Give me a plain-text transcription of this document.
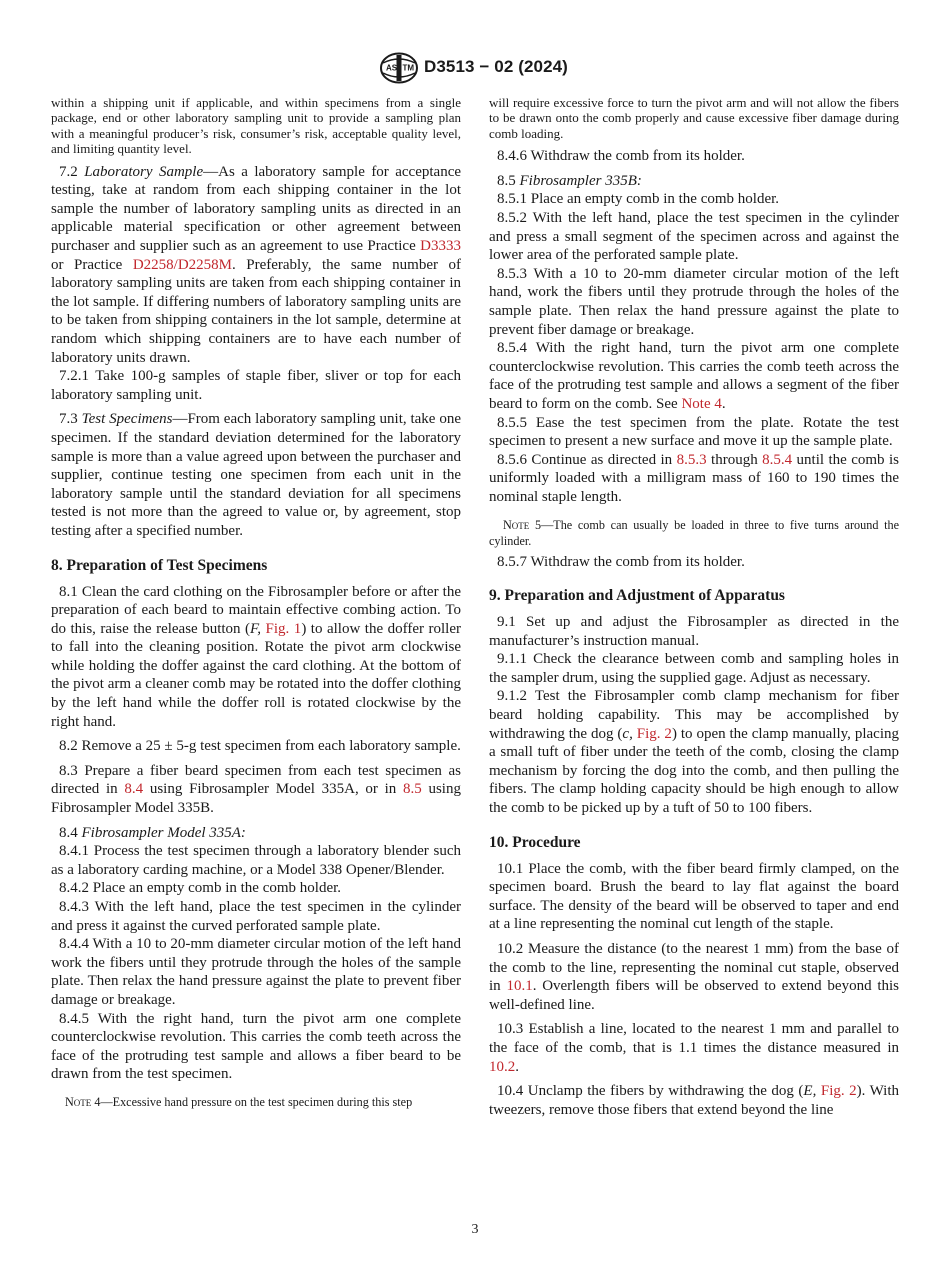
AS TM D3513 − 02 (2024)

within a shipping unit if applicable, and within specimens from a single package, end or other laboratory sampling unit to provide a sampling plan with a meaningful producer’s risk, consumer’s risk, acceptable quality level, and limiting quantity level.

7.2 Laboratory Sample—As a laboratory sample for acceptance testing, take at random from each shipping container in the lot sample the number of laboratory sampling units as directed in an applicable material specification or other agreement between purchaser and supplier such as an agreement to use Practice D3333 or Practice D2258/D2258M. Preferably, the same number of laboratory sampling units are taken from each shipping container in the lot sample. If differing numbers of laboratory sampling units are to be taken from shipping containers in the lot sample, determine at random which shipping containers are to have each number of laboratory units drawn.

7.2.1 Take 100-g samples of staple fiber, sliver or top for each laboratory sampling unit.

7.3 Test Specimens—From each laboratory sampling unit, take one specimen. If the standard deviation determined for the laboratory sample is more than a value agreed upon between the purchaser and supplier, continue testing one specimen from each unit in the laboratory sample until the standard deviation for all specimens tested is not more than the agreed to value or, by agreement, stop testing after a specified number.

8. Preparation of Test Specimens

8.1 Clean the card clothing on the Fibrosampler before or after the preparation of each beard to maintain effective combing action. To do this, raise the release button (F, Fig. 1) to allow the doffer roller to fall into the cleaning position. Rotate the pivot arm clockwise while holding the doffer against the card clothing. At the bottom of the pivot arm a cleaner comb may be rotated into the doffer clothing by the left hand while the doffer roll is rotated clockwise by the right hand.

8.2 Remove a 25 ± 5-g test specimen from each laboratory sample.

8.3 Prepare a fiber beard specimen from each test specimen as directed in 8.4 using Fibrosampler Model 335A, or in 8.5 using Fibrosampler Model 335B.

8.4 Fibrosampler Model 335A:

8.4.1 Process the test specimen through a laboratory blender such as a laboratory carding machine, or a Model 338 Opener/Blender.

8.4.2 Place an empty comb in the comb holder.

8.4.3 With the left hand, place the test specimen in the cylinder and press it against the curved perforated sample plate.

8.4.4 With a 10 to 20-mm diameter circular motion of the left hand work the fibers until they protrude through the holes of the sample plate. Then relax the hand pressure against the plate to prevent fiber damage or breakage.

8.4.5 With the right hand, turn the pivot arm one complete counterclockwise revolution. This carries the comb teeth across the face of the protruding test sample and allows a fiber beard to be drawn from the test specimen.

Note 4—Excessive hand pressure on the test specimen during this step

will require excessive force to turn the pivot arm and will not allow the fibers to be drawn onto the comb properly and cause excessive fiber damage during comb loading.

8.4.6 Withdraw the comb from its holder.

8.5 Fibrosampler 335B:

8.5.1 Place an empty comb in the comb holder.

8.5.2 With the left hand, place the test specimen in the cylinder and press a small segment of the specimen across and against the lower area of the perforated sample plate.

8.5.3 With a 10 to 20-mm diameter circular motion of the left hand, work the fibers until they protrude through the holes of the sample plate. Then relax the hand pressure against the plate to prevent fiber damage or breakage.

8.5.4 With the right hand, turn the pivot arm one complete counterclockwise revolution. This carries the comb teeth across the face of the protruding test sample and allows a segment of the fiber beard to form on the comb. See Note 4.

8.5.5 Ease the test specimen from the plate. Rotate the test specimen to present a new surface and move it up the sample plate.

8.5.6 Continue as directed in 8.5.3 through 8.5.4 until the comb is uniformly loaded with a milligram mass of 160 to 190 times the nominal staple length.

Note 5—The comb can usually be loaded in three to five turns around the cylinder.

8.5.7 Withdraw the comb from its holder.

9. Preparation and Adjustment of Apparatus

9.1 Set up and adjust the Fibrosampler as directed in the manufacturer’s instruction manual.

9.1.1 Check the clearance between comb and sampling holes in the sampler drum, using the supplied gage. Adjust as necessary.

9.1.2 Test the Fibrosampler comb clamp mechanism for fiber beard holding capability. This may be accomplished by withdrawing the dog (c, Fig. 2) to open the clamp manually, placing a small tuft of fiber under the teeth of the comb, closing the clamp mechanism by forcing the dog into the comb, and then pulling the fibers. The clamp holding capacity should be high enough to allow the comb to be picked up by a tuft of 50 to 100 fibers.

10. Procedure

10.1 Place the comb, with the fiber beard firmly clamped, on the specimen board. Brush the beard to lay flat against the board surface. The density of the beard will be observed to taper and end at a line representing the nominal cut length of the staple.

10.2 Measure the distance (to the nearest 1 mm) from the base of the comb to the line, representing the nominal cut staple, observed in 10.1. Overlength fibers will be observed to extend beyond this well-defined line.

10.3 Establish a line, located to the nearest 1 mm and parallel to the face of the comb, that is 1.1 times the distance measured in 10.2.

10.4 Unclamp the fibers by withdrawing the dog (E, Fig. 2). With tweezers, remove those fibers that extend beyond the line

3
